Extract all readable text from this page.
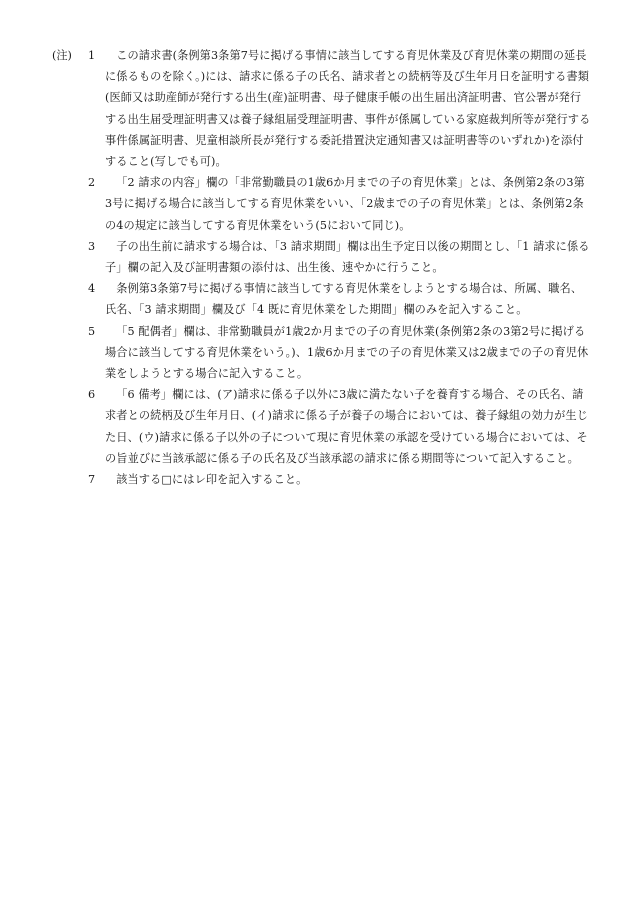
(注)	1	この請求書(条例第3条第7号に掲げる事情に該当してする育児休業及び育児休業の期間の延長に係るものを除く。)には、請求に係る子の氏名、請求者との続柄等及び生年月日を証明する書類(医師又は助産師が発行する出生(産)証明書、母子健康手帳の出生届出済証明書、官公署が発行する出生届受理証明書又は養子縁組届受理証明書、事件が係属している家庭裁判所等が発行する事件係属証明書、児童相談所長が発行する委託措置決定通知書又は証明書等のいずれか)を添付すること(写しでも可)。
2	「2 請求の内容」欄の「非常勤職員の1歳6か月までの子の育児休業」とは、条例第2条の3第3号に掲げる場合に該当してする育児休業をいい、「2歳までの子の育児休業」とは、条例第2条の4の規定に該当してする育児休業をいう(5において同じ)。
3	子の出生前に請求する場合は、「3 請求期間」欄は出生予定日以後の期間とし、「1 請求に係る子」欄の記入及び証明書類の添付は、出生後、速やかに行うこと。
4	条例第3条第7号に掲げる事情に該当してする育児休業をしようとする場合は、所属、職名、氏名、「3 請求期間」欄及び「4 既に育児休業をした期間」欄のみを記入すること。
5	「5 配偶者」欄は、非常勤職員が1歳2か月までの子の育児休業(条例第2条の3第2号に掲げる場合に該当してする育児休業をいう。)、1歳6か月までの子の育児休業又は2歳までの子の育児休業をしようとする場合に記入すること。
6	「6 備考」欄には、(ア)請求に係る子以外に3歳に満たない子を養育する場合、その氏名、請求者との続柄及び生年月日、(イ)請求に係る子が養子の場合においては、養子縁組の効力が生じた日、(ウ)請求に係る子以外の子について現に育児休業の承認を受けている場合においては、その旨並びに当該承認に係る子の氏名及び当該承認の請求に係る期間等について記入すること。
7	該当する□にはレ印を記入すること。
